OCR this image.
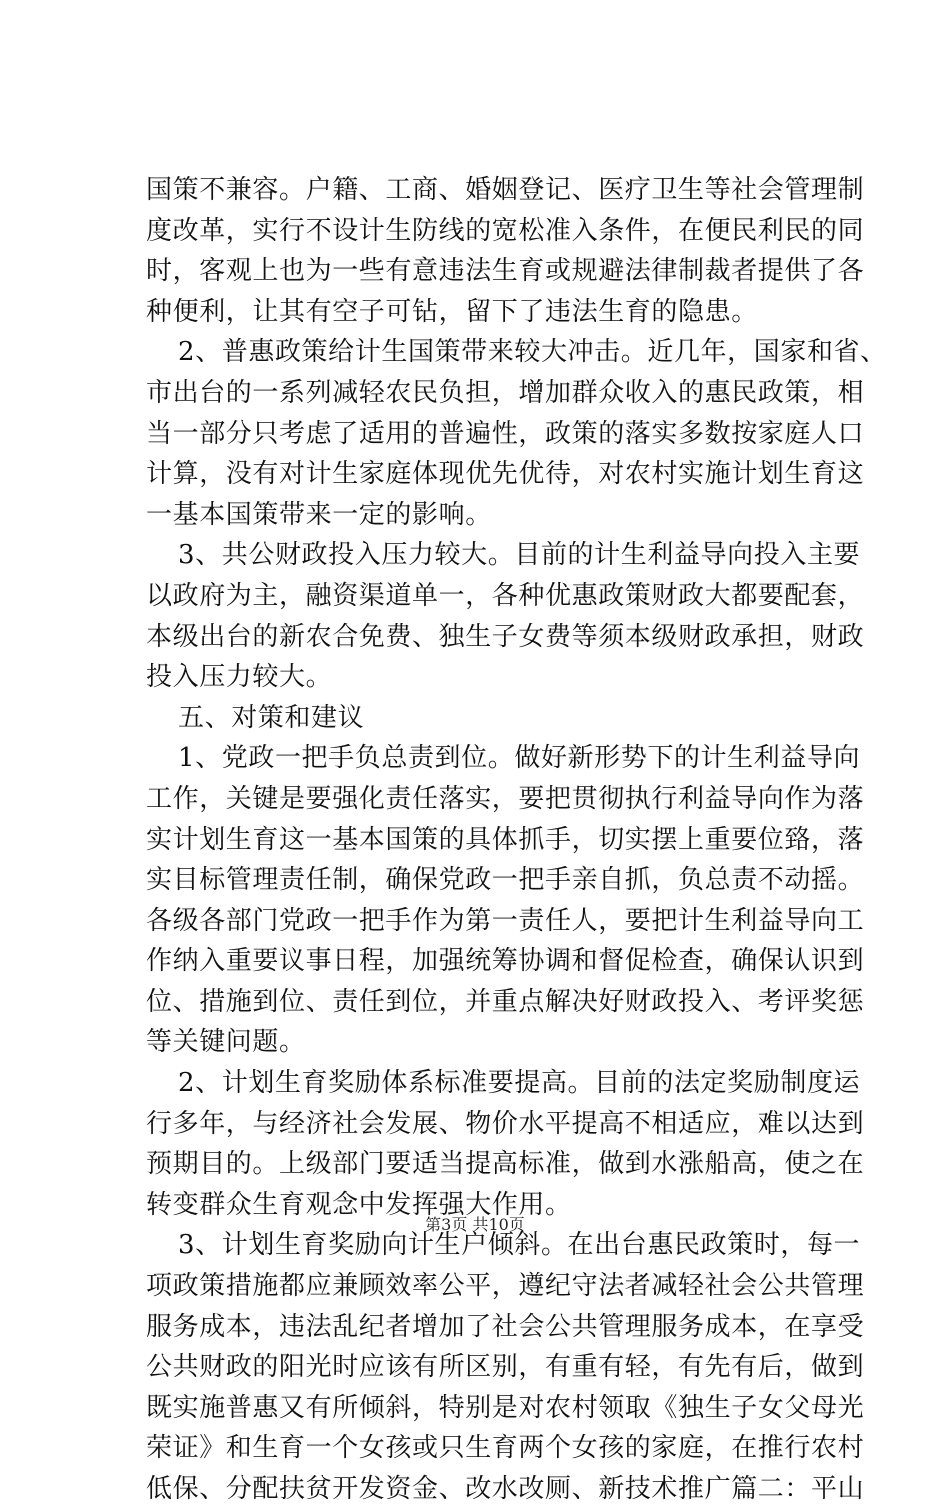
国策不兼容。户籍、工商、婚姻登记、医疗卫生等社会管理制
度改革，实行不设计生防线的宽松准入条件，在便民利民的同
时，客观上也为一些有意违法生育或规避法律制裁者提供了各
种便利，让其有空子可钻，留下了违法生育的隐患。
2、普惠政策给计生国策带来较大冲击。近几年，国家和省、
市出台的一系列减轻农民负担，增加群众收入的惠民政策，相
当一部分只考虑了适用的普遍性，政策的落实多数按家庭人口
计算，没有对计生家庭体现优先优待，对农村实施计划生育这
一基本国策带来一定的影响。
3、共公财政投入压力较大。目前的计生利益导向投入主要
以政府为主，融资渠道单一，各种优惠政策财政大都要配套，
本级出台的新农合免费、独生子女费等须本级财政承担，财政
投入压力较大。
五、对策和建议
1、党政一把手负总责到位。做好新形势下的计生利益导向
工作，关键是要强化责任落实，要把贯彻执行利益导向作为落
实计划生育这一基本国策的具体抓手，切实摆上重要位臵，落
实目标管理责任制，确保党政一把手亲自抓，负总责不动摇。
各级各部门党政一把手作为第一责任人，要把计生利益导向工
作纳入重要议事日程，加强统筹协调和督促检查，确保认识到
位、措施到位、责任到位，并重点解决好财政投入、考评奖惩
等关键问题。
2、计划生育奖励体系标准要提高。目前的法定奖励制度运
行多年，与经济社会发展、物价水平提高不相适应，难以达到
预期目的。上级部门要适当提高标准，做到水涨船高，使之在
转变群众生育观念中发挥强大作用。
3、计划生育奖励向计生户倾斜。在出台惠民政策时，每一
项政策措施都应兼顾效率公平，遵纪守法者减轻社会公共管理
服务成本，违法乱纪者增加了社会公共管理服务成本，在享受
公共财政的阳光时应该有所区别，有重有轻，有先有后，做到
既实施普惠又有所倾斜，特别是对农村领取《独生子女父母光
荣证》和生育一个女孩或只生育两个女孩的家庭，在推行农村
低保、分配扶贫开发资金、改水改厕、新技术推广篇二：平山
第3页 共10页
